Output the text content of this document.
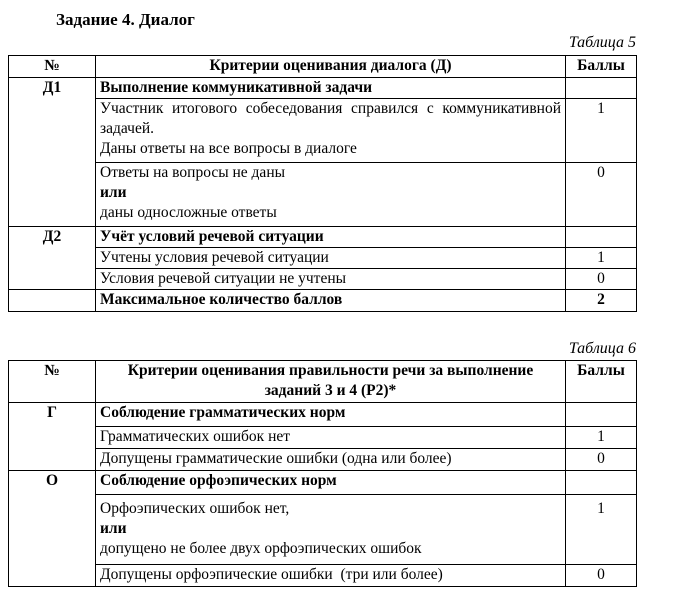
Задание 4. Диалог
Таблица 5
№	Критерии оценивания диалога (Д)	Баллы
Д1	Выполнение коммуникативной задачи	

	Участник итогового собеседования справился с коммуникативной задачей.
Даны ответы на все вопросы в диалоге	1

	Ответы на вопросы не даны
или
даны односложные ответы	0
Д2	Учёт условий речевой ситуации	
	Учтены условия речевой ситуации	1
	Условия речевой ситуации не учтены	0
	Максимальное количество баллов	2
Таблица 6
№	Критерии оценивания правильности речи за выполнение заданий 3 и 4 (Р2)*	Баллы
Г	Соблюдение грамматических норм	
	Грамматических ошибок нет	1
	Допущены грамматические ошибки (одна или более)	0
О	Соблюдение орфоэпических норм	

	Орфоэпических ошибок нет,
или
допущено не более двух орфоэпических ошибок	1
	Допущены орфоэпические ошибки  (три или более)	0
